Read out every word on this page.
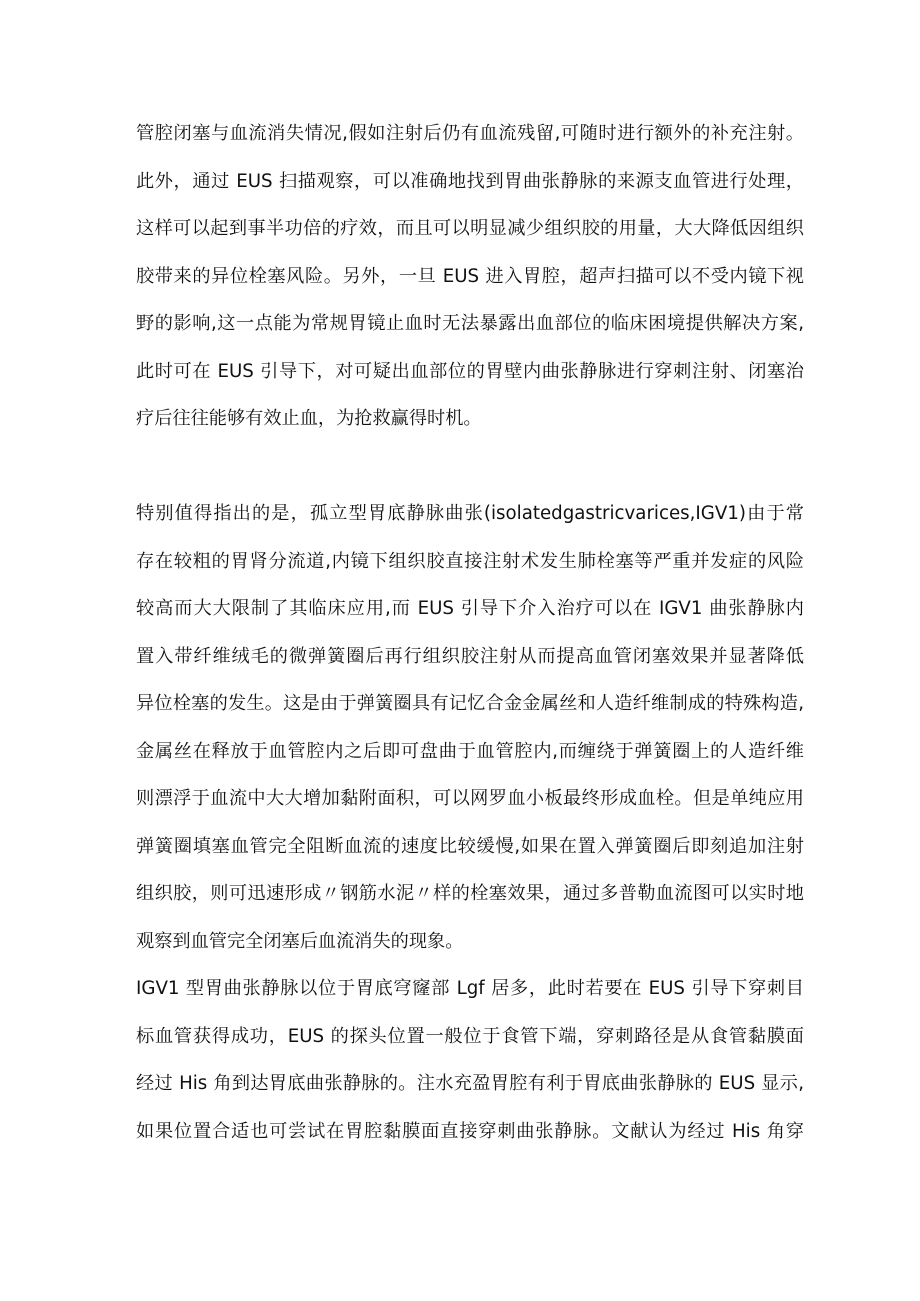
管腔闭塞与血流消失情况,假如注射后仍有血流残留,可随时进行额外的补充注射。
此外，通过 EUS 扫描观察，可以准确地找到胃曲张静脉的来源支血管进行处理，
这样可以起到事半功倍的疗效，而且可以明显减少组织胶的用量，大大降低因组织
胶带来的异位栓塞风险。另外，一旦 EUS 进入胃腔，超声扫描可以不受内镜下视
野的影响,这一点能为常规胃镜止血时无法暴露出血部位的临床困境提供解决方案,
此时可在 EUS 引导下，对可疑出血部位的胃壁内曲张静脉进行穿刺注射、闭塞治
疗后往往能够有效止血，为抢救赢得时机。
特别值得指出的是，孤立型胃底静脉曲张(isolatedgastricvarices,IGV1)由于常
存在较粗的胃肾分流道,内镜下组织胶直接注射术发生肺栓塞等严重并发症的风险
较高而大大限制了其临床应用,而 EUS 引导下介入治疗可以在 IGV1 曲张静脉内
置入带纤维绒毛的微弹簧圈后再行组织胶注射从而提高血管闭塞效果并显著降低
异位栓塞的发生。这是由于弹簧圈具有记忆合金金属丝和人造纤维制成的特殊构造,
金属丝在释放于血管腔内之后即可盘曲于血管腔内,而缠绕于弹簧圈上的人造纤维
则漂浮于血流中大大增加黏附面积，可以网罗血小板最终形成血栓。但是单纯应用
弹簧圈填塞血管完全阻断血流的速度比较缓慢,如果在置入弹簧圈后即刻追加注射
组织胶，则可迅速形成〃钢筋水泥〃样的栓塞效果，通过多普勒血流图可以实时地
观察到血管完全闭塞后血流消失的现象。
IGV1 型胃曲张静脉以位于胃底穹窿部 Lgf 居多，此时若要在 EUS 引导下穿刺目
标血管获得成功，EUS 的探头位置一般位于食管下端，穿刺路径是从食管黏膜面
经过 His 角到达胃底曲张静脉的。注水充盈胃腔有利于胃底曲张静脉的 EUS 显示,
如果位置合适也可尝试在胃腔黏膜面直接穿刺曲张静脉。文献认为经过 His 角穿
